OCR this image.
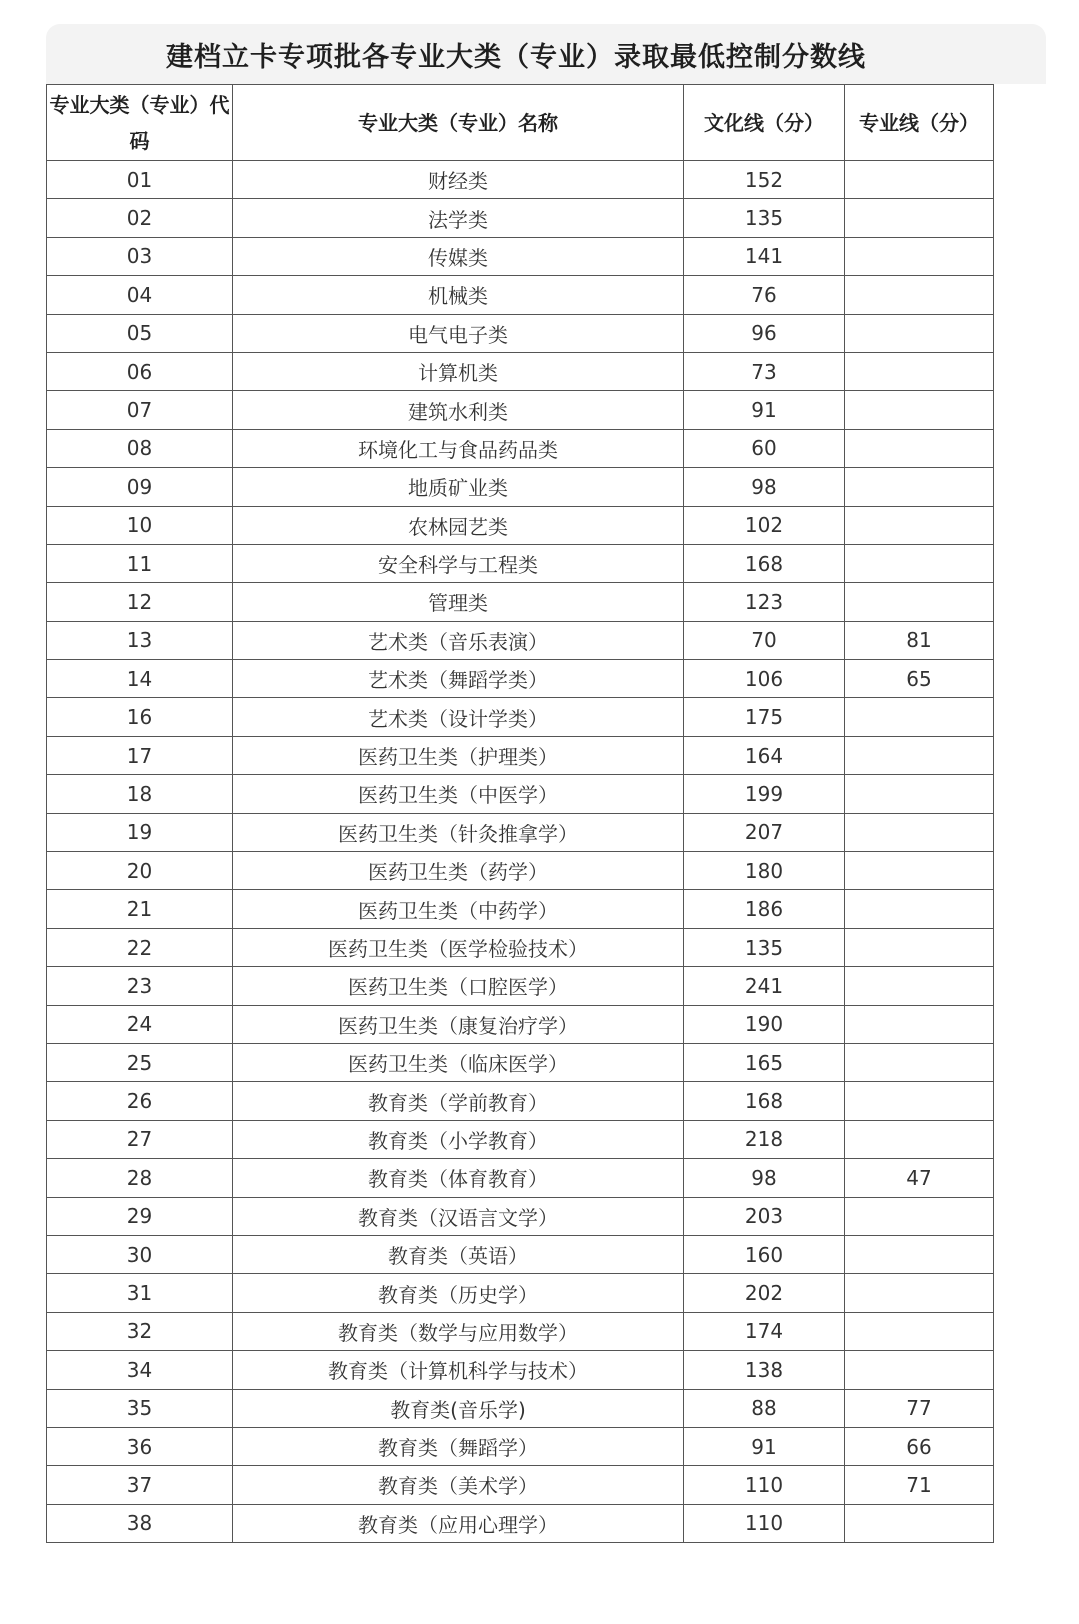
建档立卡专项批各专业大类（专业）录取最低控制分数线
专业大类（专业）代码	专业大类（专业）名称	文化线（分）	专业线（分）
01	财经类	152	
02	法学类	135	
03	传媒类	141	
04	机械类	76	
05	电气电子类	96	
06	计算机类	73	
07	建筑水利类	91	
08	环境化工与食品药品类	60	
09	地质矿业类	98	
10	农林园艺类	102	
11	安全科学与工程类	168	
12	管理类	123	
13	艺术类（音乐表演）	70	81
14	艺术类（舞蹈学类）	106	65
16	艺术类（设计学类）	175	
17	医药卫生类（护理类）	164	
18	医药卫生类（中医学）	199	
19	医药卫生类（针灸推拿学）	207	
20	医药卫生类（药学）	180	
21	医药卫生类（中药学）	186	
22	医药卫生类（医学检验技术）	135	
23	医药卫生类（口腔医学）	241	
24	医药卫生类（康复治疗学）	190	
25	医药卫生类（临床医学）	165	
26	教育类（学前教育）	168	
27	教育类（小学教育）	218	
28	教育类（体育教育）	98	47
29	教育类（汉语言文学）	203	
30	教育类（英语）	160	
31	教育类（历史学）	202	
32	教育类（数学与应用数学）	174	
34	教育类（计算机科学与技术）	138	
35	教育类(音乐学)	88	77
36	教育类（舞蹈学）	91	66
37	教育类（美术学）	110	71
38	教育类（应用心理学）	110	
